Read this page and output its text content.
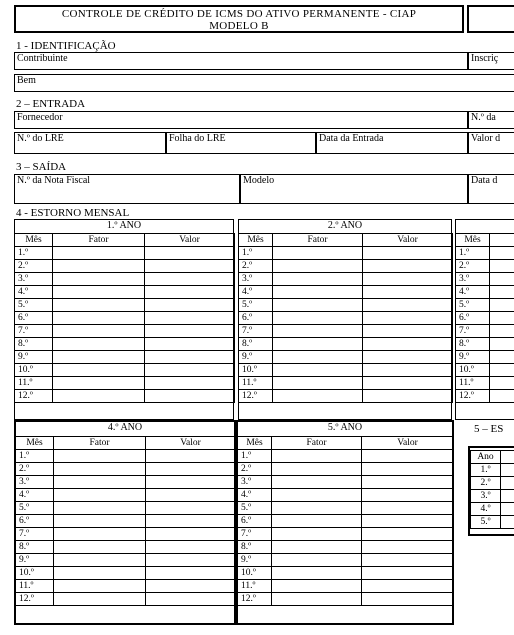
CONTROLE DE CRÉDITO DE ICMS DO ATIVO PERMANENTE - CIAP
MODELO B
1 - IDENTIFICAÇÃO
Contribuinte	Inscriç
Bem
2 – ENTRADA
Fornecedor	N.º da
N.º do LRE	Folha do LRE	Data da Entrada	Valor d
3 – SAÍDA
N.º da Nota Fiscal	Modelo	Data d
4 - ESTORNO MENSAL
1.º ANO
Mês	Fator	Valor
1.º		
2.º		
3.º		
4.º		
5.º		
6.º		
7.º		
8.º		
9.º		
10.º		
11.º		
12.º		
2.º ANO
Mês	Fator	Valor
1.º		
2.º		
3.º		
4.º		
5.º		
6.º		
7.º		
8.º		
9.º		
10.º		
11.º		
12.º		
Mês	
1.º	
2.º	
3.º	
4.º	
5.º	
6.º	
7.º	
8.º	
9.º	
10.º	
11.º	
12.º	
4.º ANO
Mês	Fator	Valor
1.º		
2.º		
3.º		
4.º		
5.º		
6.º		
7.º		
8.º		
9.º		
10.º		
11.º		
12.º		
5.º ANO
Mês	Fator	Valor
1.º		
2.º		
3.º		
4.º		
5.º		
6.º		
7.º		
8.º		
9.º		
10.º		
11.º		
12.º		
5 – ES
Ano	
1.º	
2.º	
3.º	
4.º	
5.º	
